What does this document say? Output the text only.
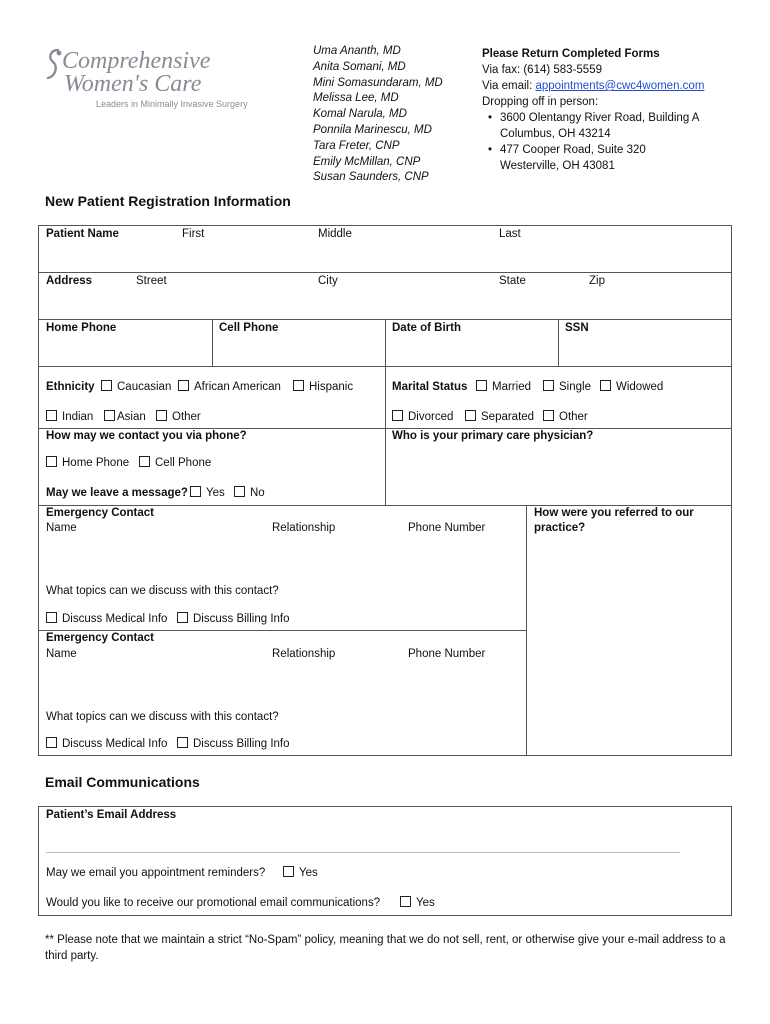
Comprehensive
Women's Care
Leaders in Minimally Invasive Surgery
Uma Ananth, MD
Anita Somani, MD
Mini Somasundaram, MD
Melissa Lee, MD
Komal Narula, MD
Ponnila Marinescu, MD
Tara Freter, CNP
Emily McMillan, CNP
Susan Saunders, CNP
Please Return Completed Forms
Via fax: (614) 583-5559
Via email: appointments@cwc4women.com
Dropping off in person:
• 3600 Olentangy River Road, Building A
Columbus, OH 43214
• 477 Cooper Road, Suite 320
Westerville, OH 43081
New Patient Registration Information
Patient Name	First	Middle	Last
Address	Street	City	State	Zip
Home Phone	Cell Phone	Date of Birth	SSN
Ethnicity	Caucasian	African American	Hispanic
Indian	Asian	Other
Marital Status	Married	Single	Widowed
Divorced	Separated	Other
How may we contact you via phone?
Home Phone	Cell Phone
May we leave a message?	Yes	No
Who is your primary care physician?
Emergency Contact
Name	Relationship	Phone Number
What topics can we discuss with this contact?
Discuss Medical Info	Discuss Billing Info
Emergency Contact
Name	Relationship	Phone Number
What topics can we discuss with this contact?
Discuss Medical Info	Discuss Billing Info
How were you referred to our
practice?
Email Communications
Patient’s Email Address
May we email you appointment reminders?	Yes
Would you like to receive our promotional email communications?	Yes
** Please note that we maintain a strict “No-Spam” policy, meaning that we do not sell, rent, or otherwise give your e-mail address to a third party.
